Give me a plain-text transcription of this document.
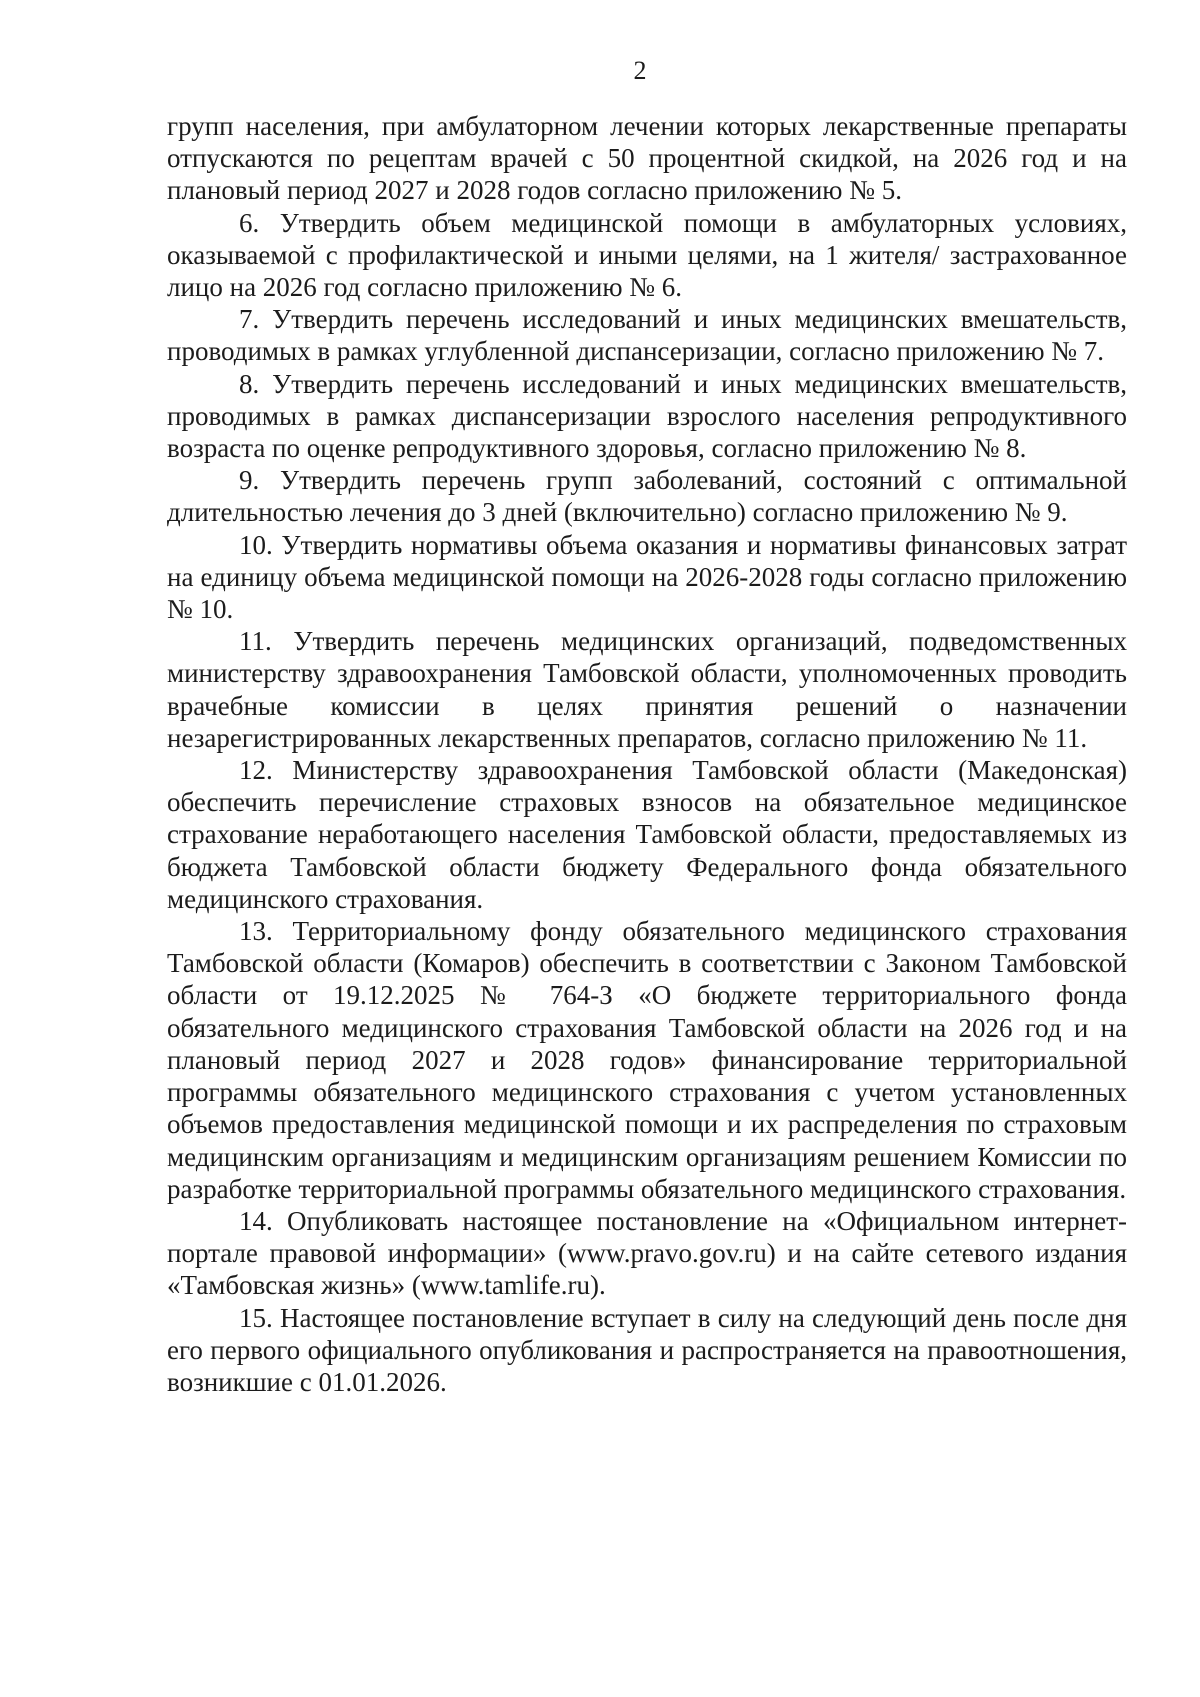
2

групп населения, при амбулаторном лечении которых лекарственные препараты отпускаются по рецептам врачей с 50 процентной скидкой, на 2026 год и на плановый период 2027 и 2028 годов согласно приложению № 5.

6. Утвердить объем медицинской помощи в амбулаторных условиях, оказываемой с профилактической и иными целями, на 1 жителя/ застрахованное лицо на 2026 год согласно приложению № 6.

7. Утвердить перечень исследований и иных медицинских вмешательств, проводимых в рамках углубленной диспансеризации, согласно приложению № 7.

8. Утвердить перечень исследований и иных медицинских вмешательств, проводимых в рамках диспансеризации взрослого населения репродуктивного возраста по оценке репродуктивного здоровья, согласно приложению № 8.

9. Утвердить перечень групп заболеваний, состояний с оптимальной длительностью лечения до 3 дней (включительно) согласно приложению № 9.

10. Утвердить нормативы объема оказания и нормативы финансовых затрат на единицу объема медицинской помощи на 2026-2028 годы согласно приложению № 10.

11. Утвердить перечень медицинских организаций, подведомственных министерству здравоохранения Тамбовской области, уполномоченных проводить врачебные комиссии в целях принятия решений о назначении незарегистрированных лекарственных препаратов, согласно приложению № 11.

12. Министерству здравоохранения Тамбовской области (Македонская) обеспечить перечисление страховых взносов на обязательное медицинское страхование неработающего населения Тамбовской области, предоставляемых из бюджета Тамбовской области бюджету Федерального фонда обязательного медицинского страхования.

13. Территориальному фонду обязательного медицинского страхования Тамбовской области (Комаров) обеспечить в соответствии с Законом Тамбовской области от 19.12.2025 № 764-З «О бюджете территориального фонда обязательного медицинского страхования Тамбовской области на 2026 год и на плановый период 2027 и 2028 годов» финансирование территориальной программы обязательного медицинского страхования с учетом установленных объемов предоставления медицинской помощи и их распределения по страховым медицинским организациям и медицинским организациям решением Комиссии по разработке территориальной программы обязательного медицинского страхования.

14. Опубликовать настоящее постановление на «Официальном интернет-портале правовой информации» (www.pravo.gov.ru) и на сайте сетевого издания «Тамбовская жизнь» (www.tamlife.ru).

15. Настоящее постановление вступает в силу на следующий день после дня его первого официального опубликования и распространяется на правоотношения, возникшие с 01.01.2026.
